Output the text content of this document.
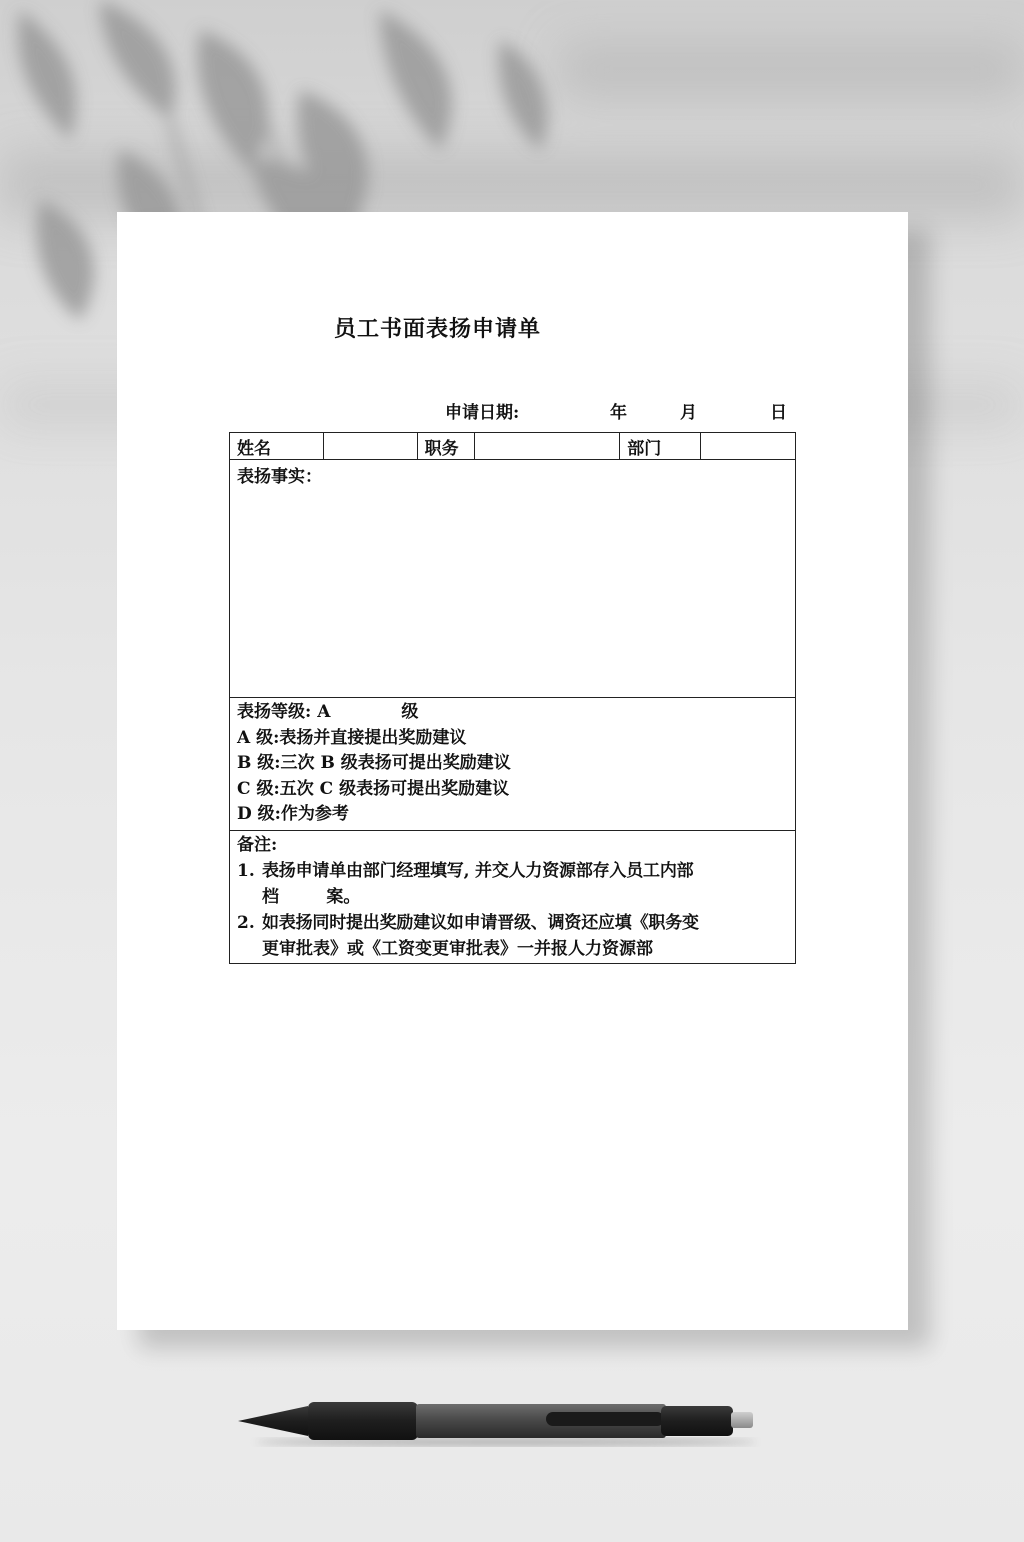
员工书面表扬申请单
申请日期:	年	月	日
姓名		职务		部门	

表扬事实：

表扬等级: A            级
A 级:表扬并直接提出奖励建议
B 级:三次 B 级表扬可提出奖励建议
C 级:五次 C 级表扬可提出奖励建议
D 级:作为参考

备注:
1. 表扬申请单由部门经理填写, 并交人力资源部存入员工内部
档        案。
2. 如表扬同时提出奖励建议如申请晋级、调资还应填《职务变
更审批表》或《工资变更审批表》一并报人力资源部
